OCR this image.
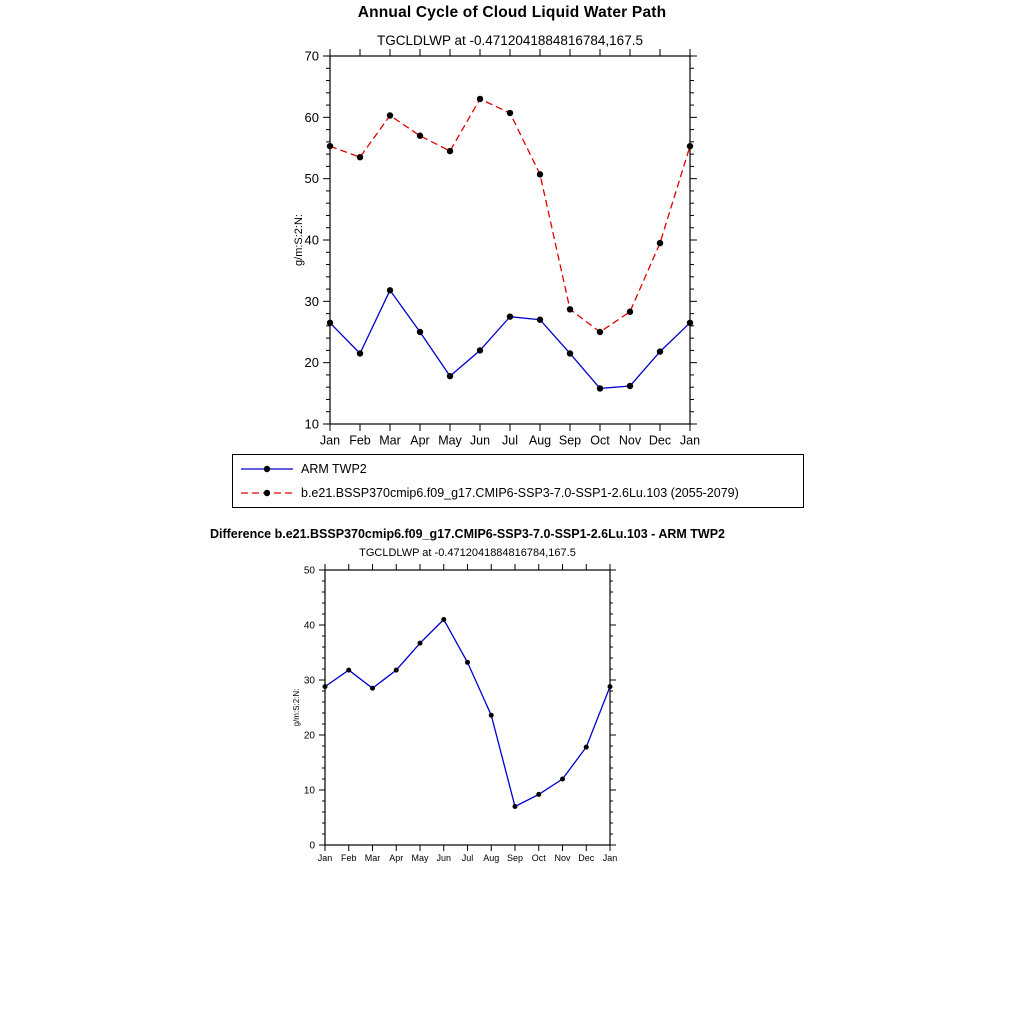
Annual Cycle of Cloud Liquid Water Path
TGCLDLWP at -0.4712041884816784,167.5
10
20
30
40
50
60
70
Jan Feb Mar Apr May Jun Jul Aug Sep Oct Nov Dec Jan
g/m:S:2:N:
ARM TWP2
b.e21.BSSP370cmip6.f09_g17.CMIP6-SSP3-7.0-SSP1-2.6Lu.103 (2055-2079)
Difference b.e21.BSSP370cmip6.f09_g17.CMIP6-SSP3-7.0-SSP1-2.6Lu.103 - ARM TWP2
TGCLDLWP at -0.4712041884816784,167.5
0
10
20
30
40
50
Jan Feb Mar Apr May Jun Jul Aug Sep Oct Nov Dec Jan
g/m:S:2:N:
